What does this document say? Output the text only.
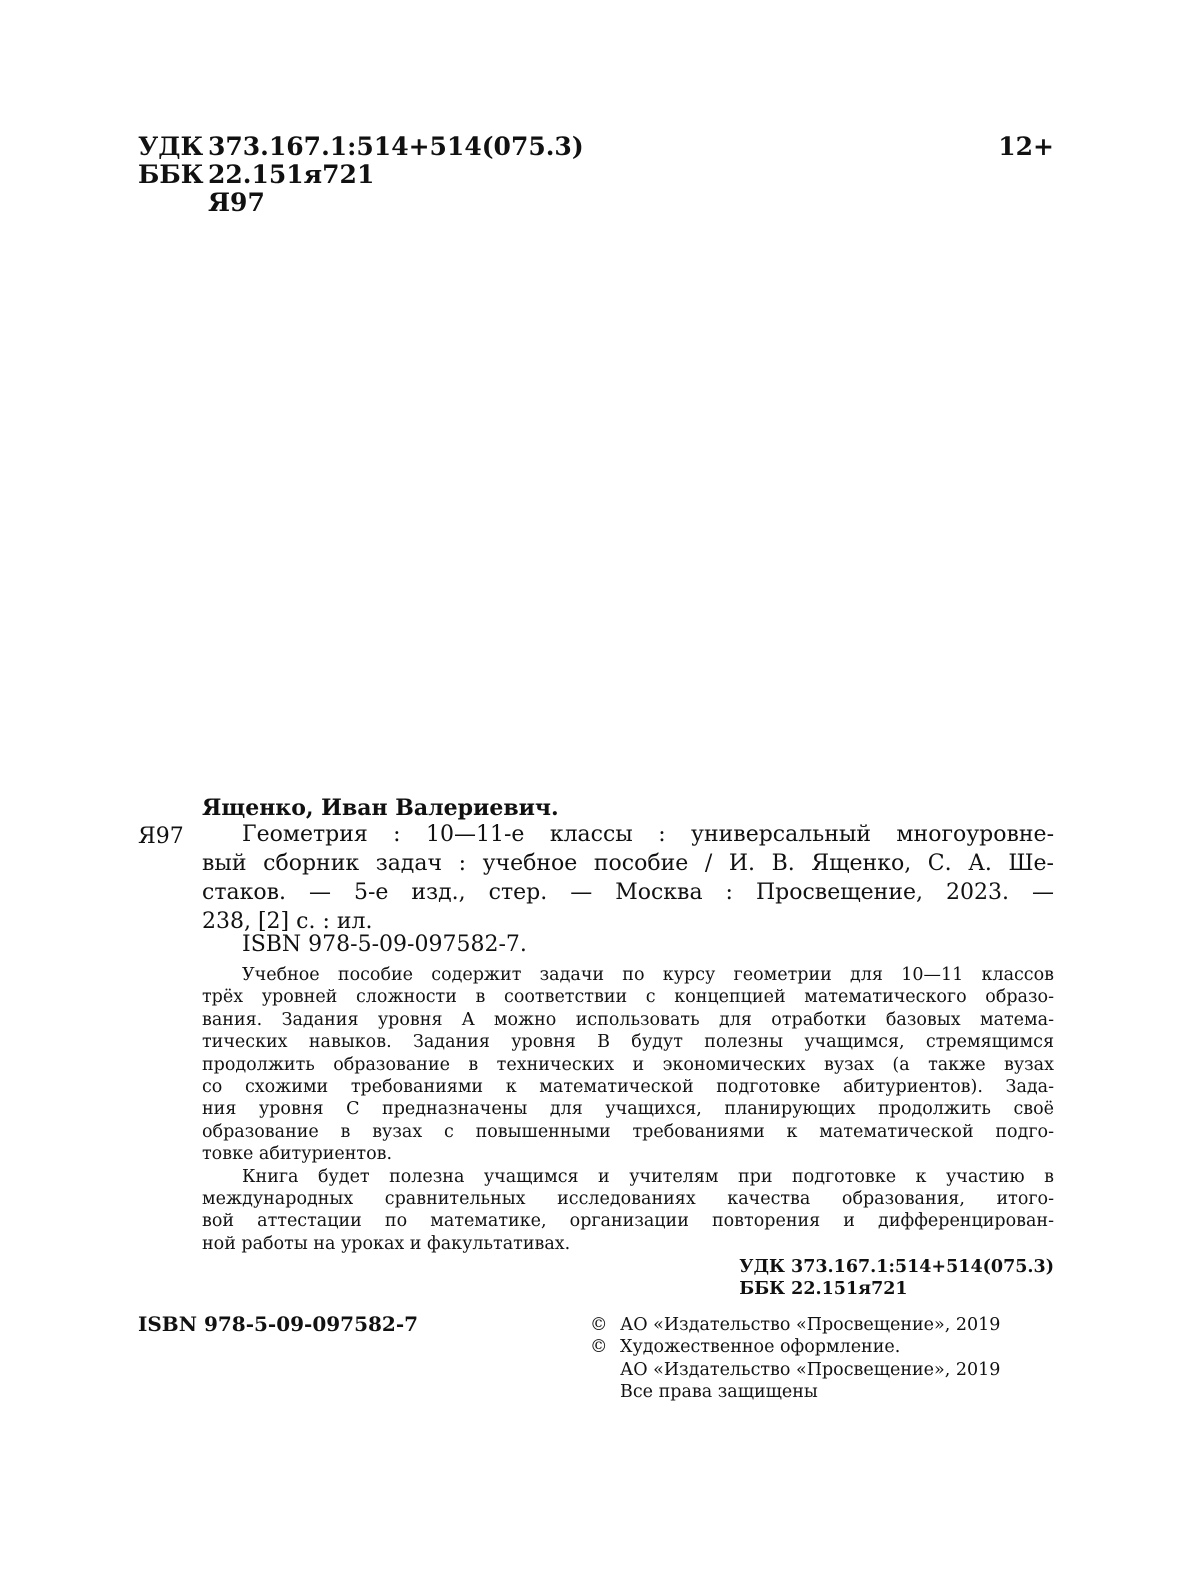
УДК 373.167.1:514+514(075.3)
ББК 22.151я721
Я97
12+
Ященко, Иван Валериевич.
Я97	Геометрия : 10—11-е классы : универсальный многоуровне-
вый сборник задач : учебное пособие / И. В. Ященко, С. А. Ше-
стаков. — 5-е изд., стер. — Москва : Просвещение, 2023. —
238, [2] с. : ил.
ISBN 978-5-09-097582-7.
Учебное пособие содержит задачи по курсу геометрии для 10—11 классов
трёх уровней сложности в соответствии с концепцией математического образо-
вания. Задания уровня A можно использовать для отработки базовых матема-
тических навыков. Задания уровня B будут полезны учащимся, стремящимся
продолжить образование в технических и экономических вузах (а также вузах
со схожими требованиями к математической подготовке абитуриентов). Зада-
ния уровня C предназначены для учащихся, планирующих продолжить своё
образование в вузах с повышенными требованиями к математической подго-
товке абитуриентов.
Книга будет полезна учащимся и учителям при подготовке к участию в
международных сравнительных исследованиях качества образования, итого-
вой аттестации по математике, организации повторения и дифференцирован-
ной работы на уроках и факультативах.
УДК 373.167.1:514+514(075.3)
ББК 22.151я721
ISBN 978-5-09-097582-7	© АО «Издательство «Просвещение», 2019
© Художественное оформление.
АО «Издательство «Просвещение», 2019
Все права защищены
